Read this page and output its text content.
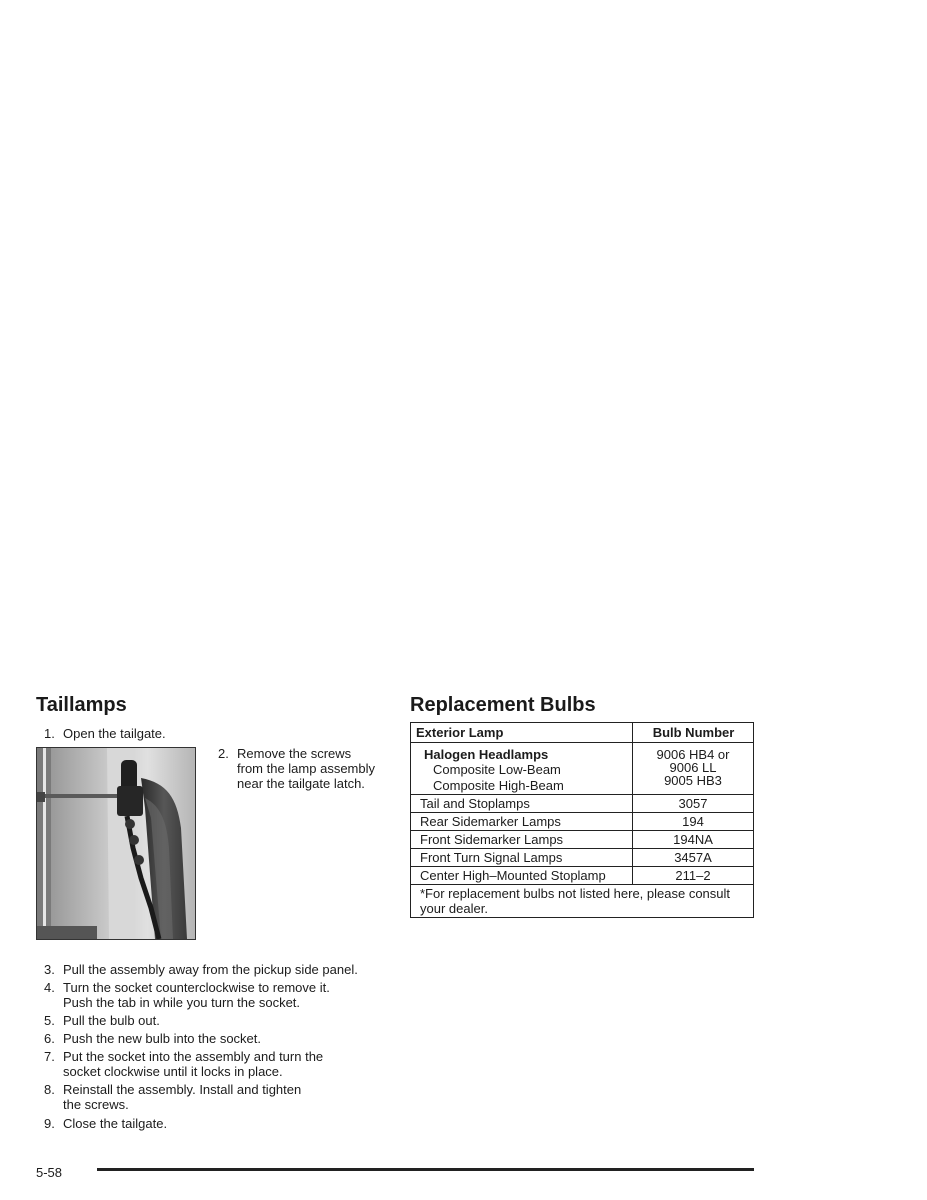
Taillamps
1. Open the tailgate.
2. Remove the screws from the lamp assembly near the tailgate latch.
3. Pull the assembly away from the pickup side panel.
4. Turn the socket counterclockwise to remove it.
Push the tab in while you turn the socket.
5. Pull the bulb out.
6. Push the new bulb into the socket.
7. Put the socket into the assembly and turn the
socket clockwise until it locks in place.
8. Reinstall the assembly. Install and tighten
the screws.
9. Close the tailgate.
Replacement Bulbs
Exterior Lamp	Bulb Number

Halogen Headlamps
Composite Low-Beam
Composite High-Beam	9006 HB4 or
9006 LL
9005 HB3

Tail and Stoplamps	3057
Rear Sidemarker Lamps	194
Front Sidemarker Lamps	194NA
Front Turn Signal Lamps	3457A
Center High–Mounted Stoplamp	211–2
*For replacement bulbs not listed here, please consult your dealer.	
5-58
